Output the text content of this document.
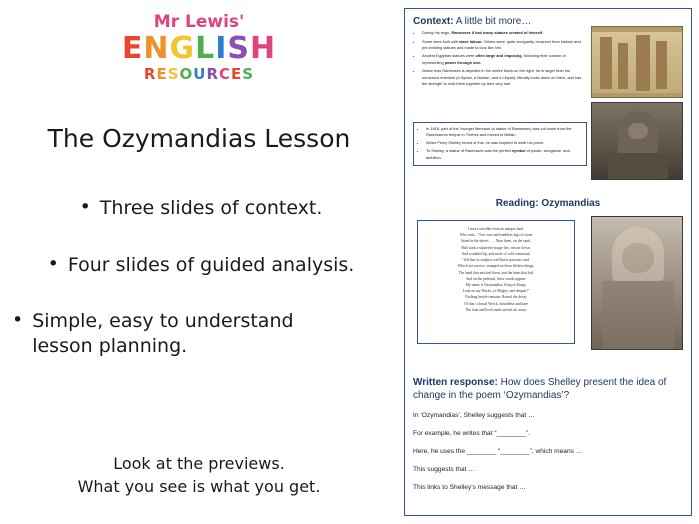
Mr Lewis'
ENGLISH
RESOURCES
The Ozymandias Lesson
• Three slides of context.
• Four slides of guided analysis.
• Simple, easy to understand lesson planning.
Look at the previews.
What you see is what you get.
Context: A little bit more…
• During his reign, Ramesses II had many statues created of himself.
• Some were built with slave labour. Others were, quite arrogantly, recarved from historic and pre-existing statues and made to look like him.
• Ancient Egyptian statues were often large and imposing, following their custom of representing power through size.
• Notice how Ramesses is depicted in the centre block on the right; he is larger than his numerous enemies (a Syrian, a Nubian, and a Libyan), literally looks down on them, and has the strength to hold them together by their very hair.
• In 1816, part of the Younger Memnon (a statue of Ramesses) was cut loose from the Ramesseum temple in Thebes and moved to Britain.
• When Percy Shelley heard of this, he was inspired to write his poem.
• To Shelley, a statue of Ramesses was the perfect symbol of power, arrogance, and ambition.
Reading: Ozymandias
I met a traveller from an antique land,
Who said—"Two vast and trunkless legs of stone
Stand in the desert. . . . Near them, on the sand,
Half sunk a shattered visage lies, whose frown,
And wrinkled lip, and sneer of cold command,
Tell that its sculptor well those passions read
Which yet survive, stamped on these lifeless things,
The hand that mocked them, and the heart that fed;
And on the pedestal, these words appear:
My name is Ozymandias, King of Kings;
Look on my Works, ye Mighty, and despair!"
Nothing beside remains. Round the decay
Of that colossal Wreck, boundless and bare
The lone and level sands stretch far away.
Written response: How does Shelley present the idea of change in the poem ‘Ozymandias’?

In ‘Ozymandias’, Shelley suggests that …

For example, he writes that “________”.

Here, he uses the ________ “________”, which means …

This suggests that …

This links to Shelley’s message that …
